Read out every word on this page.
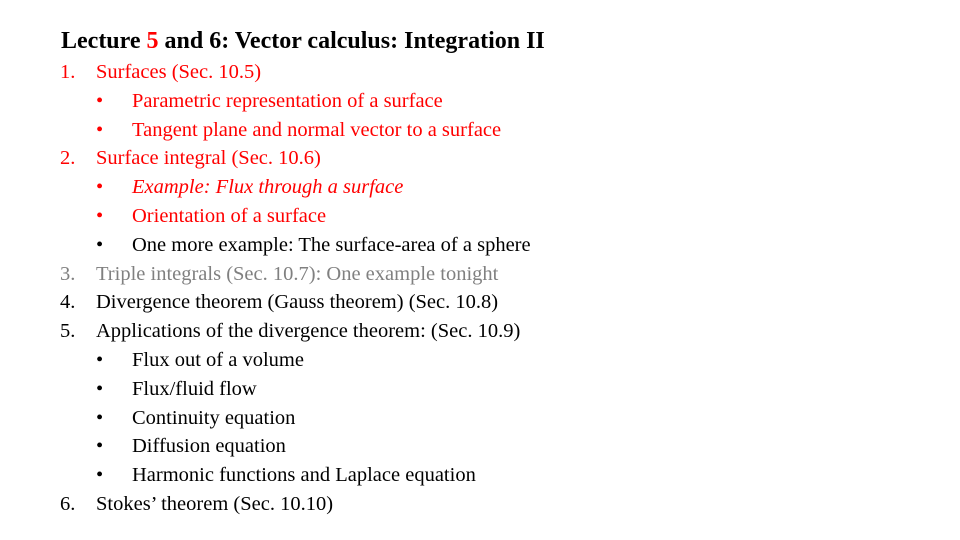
Lecture 5 and 6: Vector calculus: Integration II
1.	Surfaces (Sec. 10.5)
• Parametric representation of a surface
• Tangent plane and normal vector to a surface
2.	Surface integral (Sec. 10.6)
• Example: Flux through a surface
• Orientation of a surface
• One more example: The surface-area of a sphere
3.	Triple integrals (Sec. 10.7): One example tonight
4.	Divergence theorem (Gauss theorem) (Sec. 10.8)
5.	Applications of the divergence theorem: (Sec. 10.9)
• Flux out of a volume
• Flux/fluid flow
• Continuity equation
• Diffusion equation
• Harmonic functions and Laplace equation
6.	Stokes’ theorem (Sec. 10.10)
